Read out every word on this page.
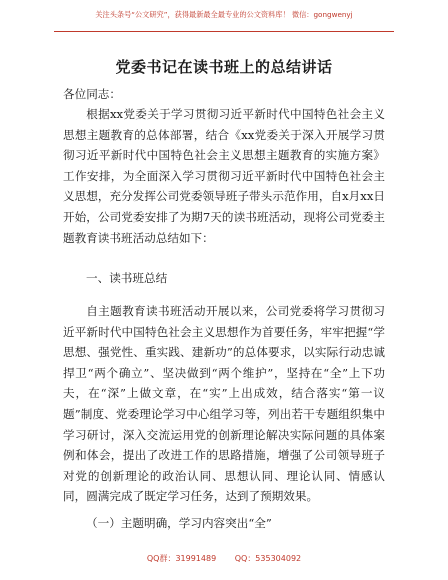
关注头条号“公文研究”，获得最新最全最专业的公文资料库！ 微信：gongwenyj
党委书记在读书班上的总结讲话
各位同志：

根据xx党委关于学习贯彻习近平新时代中国特色社会主义思想主题教育的总体部署，结合《xx党委关于深入开展学习贯彻习近平新时代中国特色社会主义思想主题教育的实施方案》工作安排，为全面深入学习贯彻习近平新时代中国特色社会主义思想，充分发挥公司党委领导班子带头示范作用，自x月xx日开始，公司党委安排了为期7天的读书班活动，现将公司党委主题教育读书班活动总结如下：

一、读书班总结

自主题教育读书班活动开展以来，公司党委将学习贯彻习近平新时代中国特色社会主义思想作为首要任务，牢牢把握“学思想、强党性、重实践、建新功”的总体要求，以实际行动忠诚捍卫“两个确立”、坚决做到“两个维护”，坚持在“全”上下功夫，在“深”上做文章，在“实”上出成效，结合落实“第一议题”制度、党委理论学习中心组学习等，列出若干专题组织集中学习研讨，深入交流运用党的创新理论解决实际问题的具体案例和体会，提出了改进工作的思路措施，增强了公司领导班子对党的创新理论的政治认同、思想认同、理论认同、情感认同，圆满完成了既定学习任务，达到了预期效果。

（一）主题明确，学习内容突出“全”
QQ群：31991489 QQ：535304092
